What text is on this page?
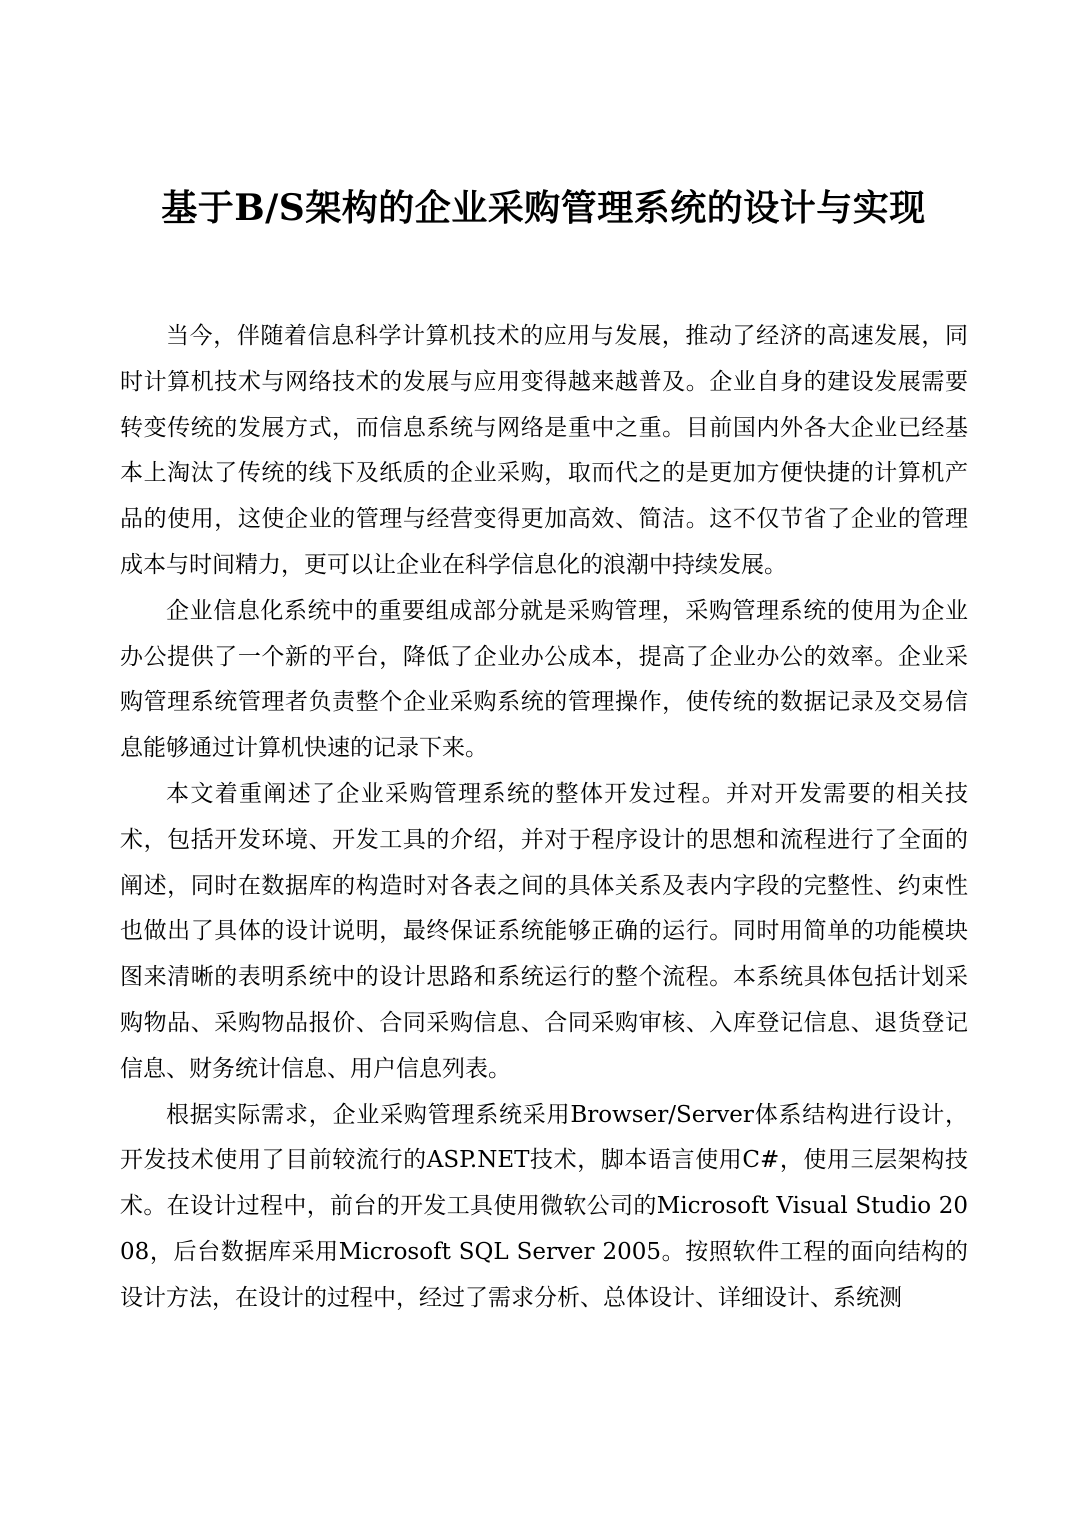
基于B/S架构的企业采购管理系统的设计与实现

当今，伴随着信息科学计算机技术的应用与发展，推动了经济的高速发展，同时计算机技术与网络技术的发展与应用变得越来越普及。企业自身的建设发展需要转变传统的发展方式，而信息系统与网络是重中之重。目前国内外各大企业已经基本上淘汰了传统的线下及纸质的企业采购，取而代之的是更加方便快捷的计算机产品的使用，这使企业的管理与经营变得更加高效、简洁。这不仅节省了企业的管理成本与时间精力，更可以让企业在科学信息化的浪潮中持续发展。

企业信息化系统中的重要组成部分就是采购管理，采购管理系统的使用为企业办公提供了一个新的平台，降低了企业办公成本，提高了企业办公的效率。企业采购管理系统管理者负责整个企业采购系统的管理操作，使传统的数据记录及交易信息能够通过计算机快速的记录下来。

本文着重阐述了企业采购管理系统的整体开发过程。并对开发需要的相关技术，包括开发环境、开发工具的介绍，并对于程序设计的思想和流程进行了全面的阐述，同时在数据库的构造时对各表之间的具体关系及表内字段的完整性、约束性也做出了具体的设计说明，最终保证系统能够正确的运行。同时用简单的功能模块图来清晰的表明系统中的设计思路和系统运行的整个流程。本系统具体包括计划采购物品、采购物品报价、合同采购信息、合同采购审核、入库登记信息、退货登记信息、财务统计信息、用户信息列表。

根据实际需求，企业采购管理系统采用Browser/Server体系结构进行设计，开发技术使用了目前较流行的ASP.NET技术，脚本语言使用C#，使用三层架构技术。在设计过程中，前台的开发工具使用微软公司的Microsoft Visual Studio 2008，后台数据库采用Microsoft SQL Server 2005。按照软件工程的面向结构的设计方法，在设计的过程中，经过了需求分析、总体设计、详细设计、系统测
